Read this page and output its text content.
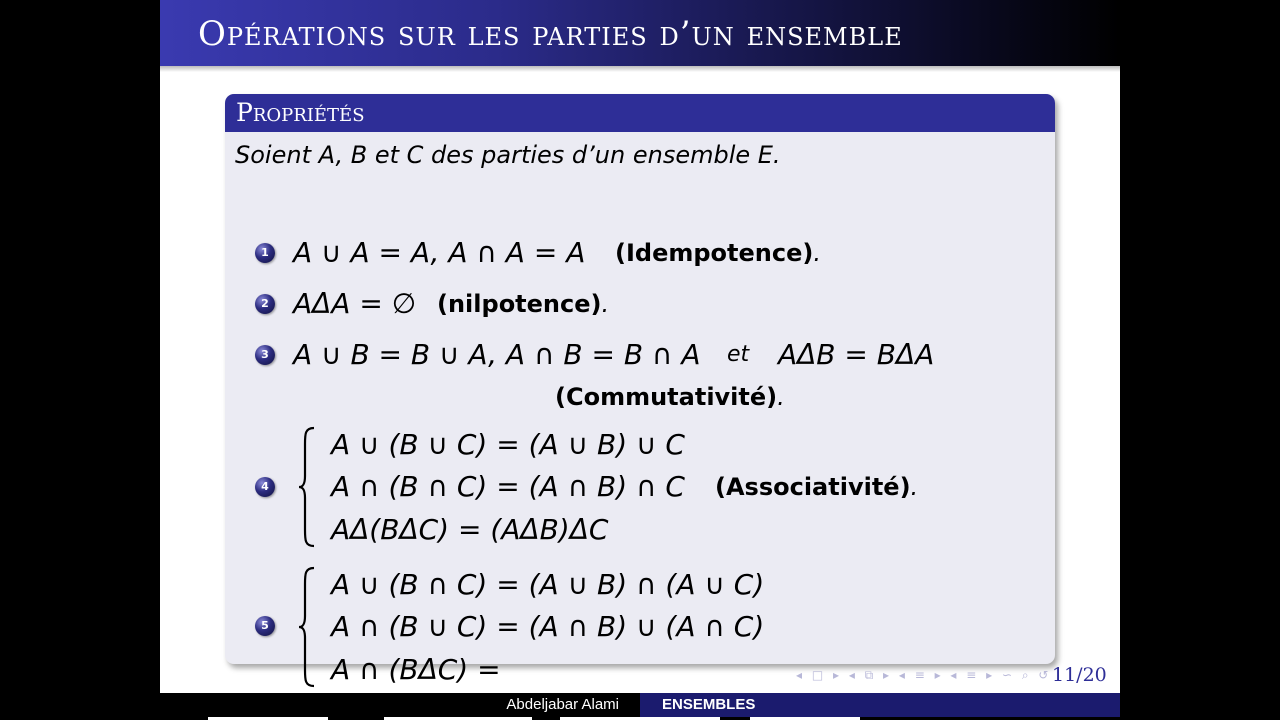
Opérations sur les parties d’un ensemble
Propriétés
Soient A, B et C des parties d’un ensemble E.
1 A ∪ A = A, A ∩ A = A (Idempotence).
2 AΔA = ∅ (nilpotence).
3 A ∪ B = B ∪ A, A ∩ B = B ∩ A et AΔB = BΔA
(Commutativité).
4
A ∪ (B ∪ C) = (A ∪ B) ∪ C
A ∩ (B ∩ C) = (A ∩ B) ∩ C
AΔ(BΔC) = (AΔB)ΔC
(Associativité).
5
A ∪ (B ∩ C) = (A ∪ B) ∩ (A ∪ C)
A ∩ (B ∪ C) = (A ∩ B) ∪ (A ∩ C)
A ∩ (BΔC) =	◂ □ ▸ ◂ ⧉ ▸ ◂ ≡ ▸ ◂ ≡ ▸ ∽ ⌕ ↺ 11/20
Abdeljabar Alami	ENSEMBLES
